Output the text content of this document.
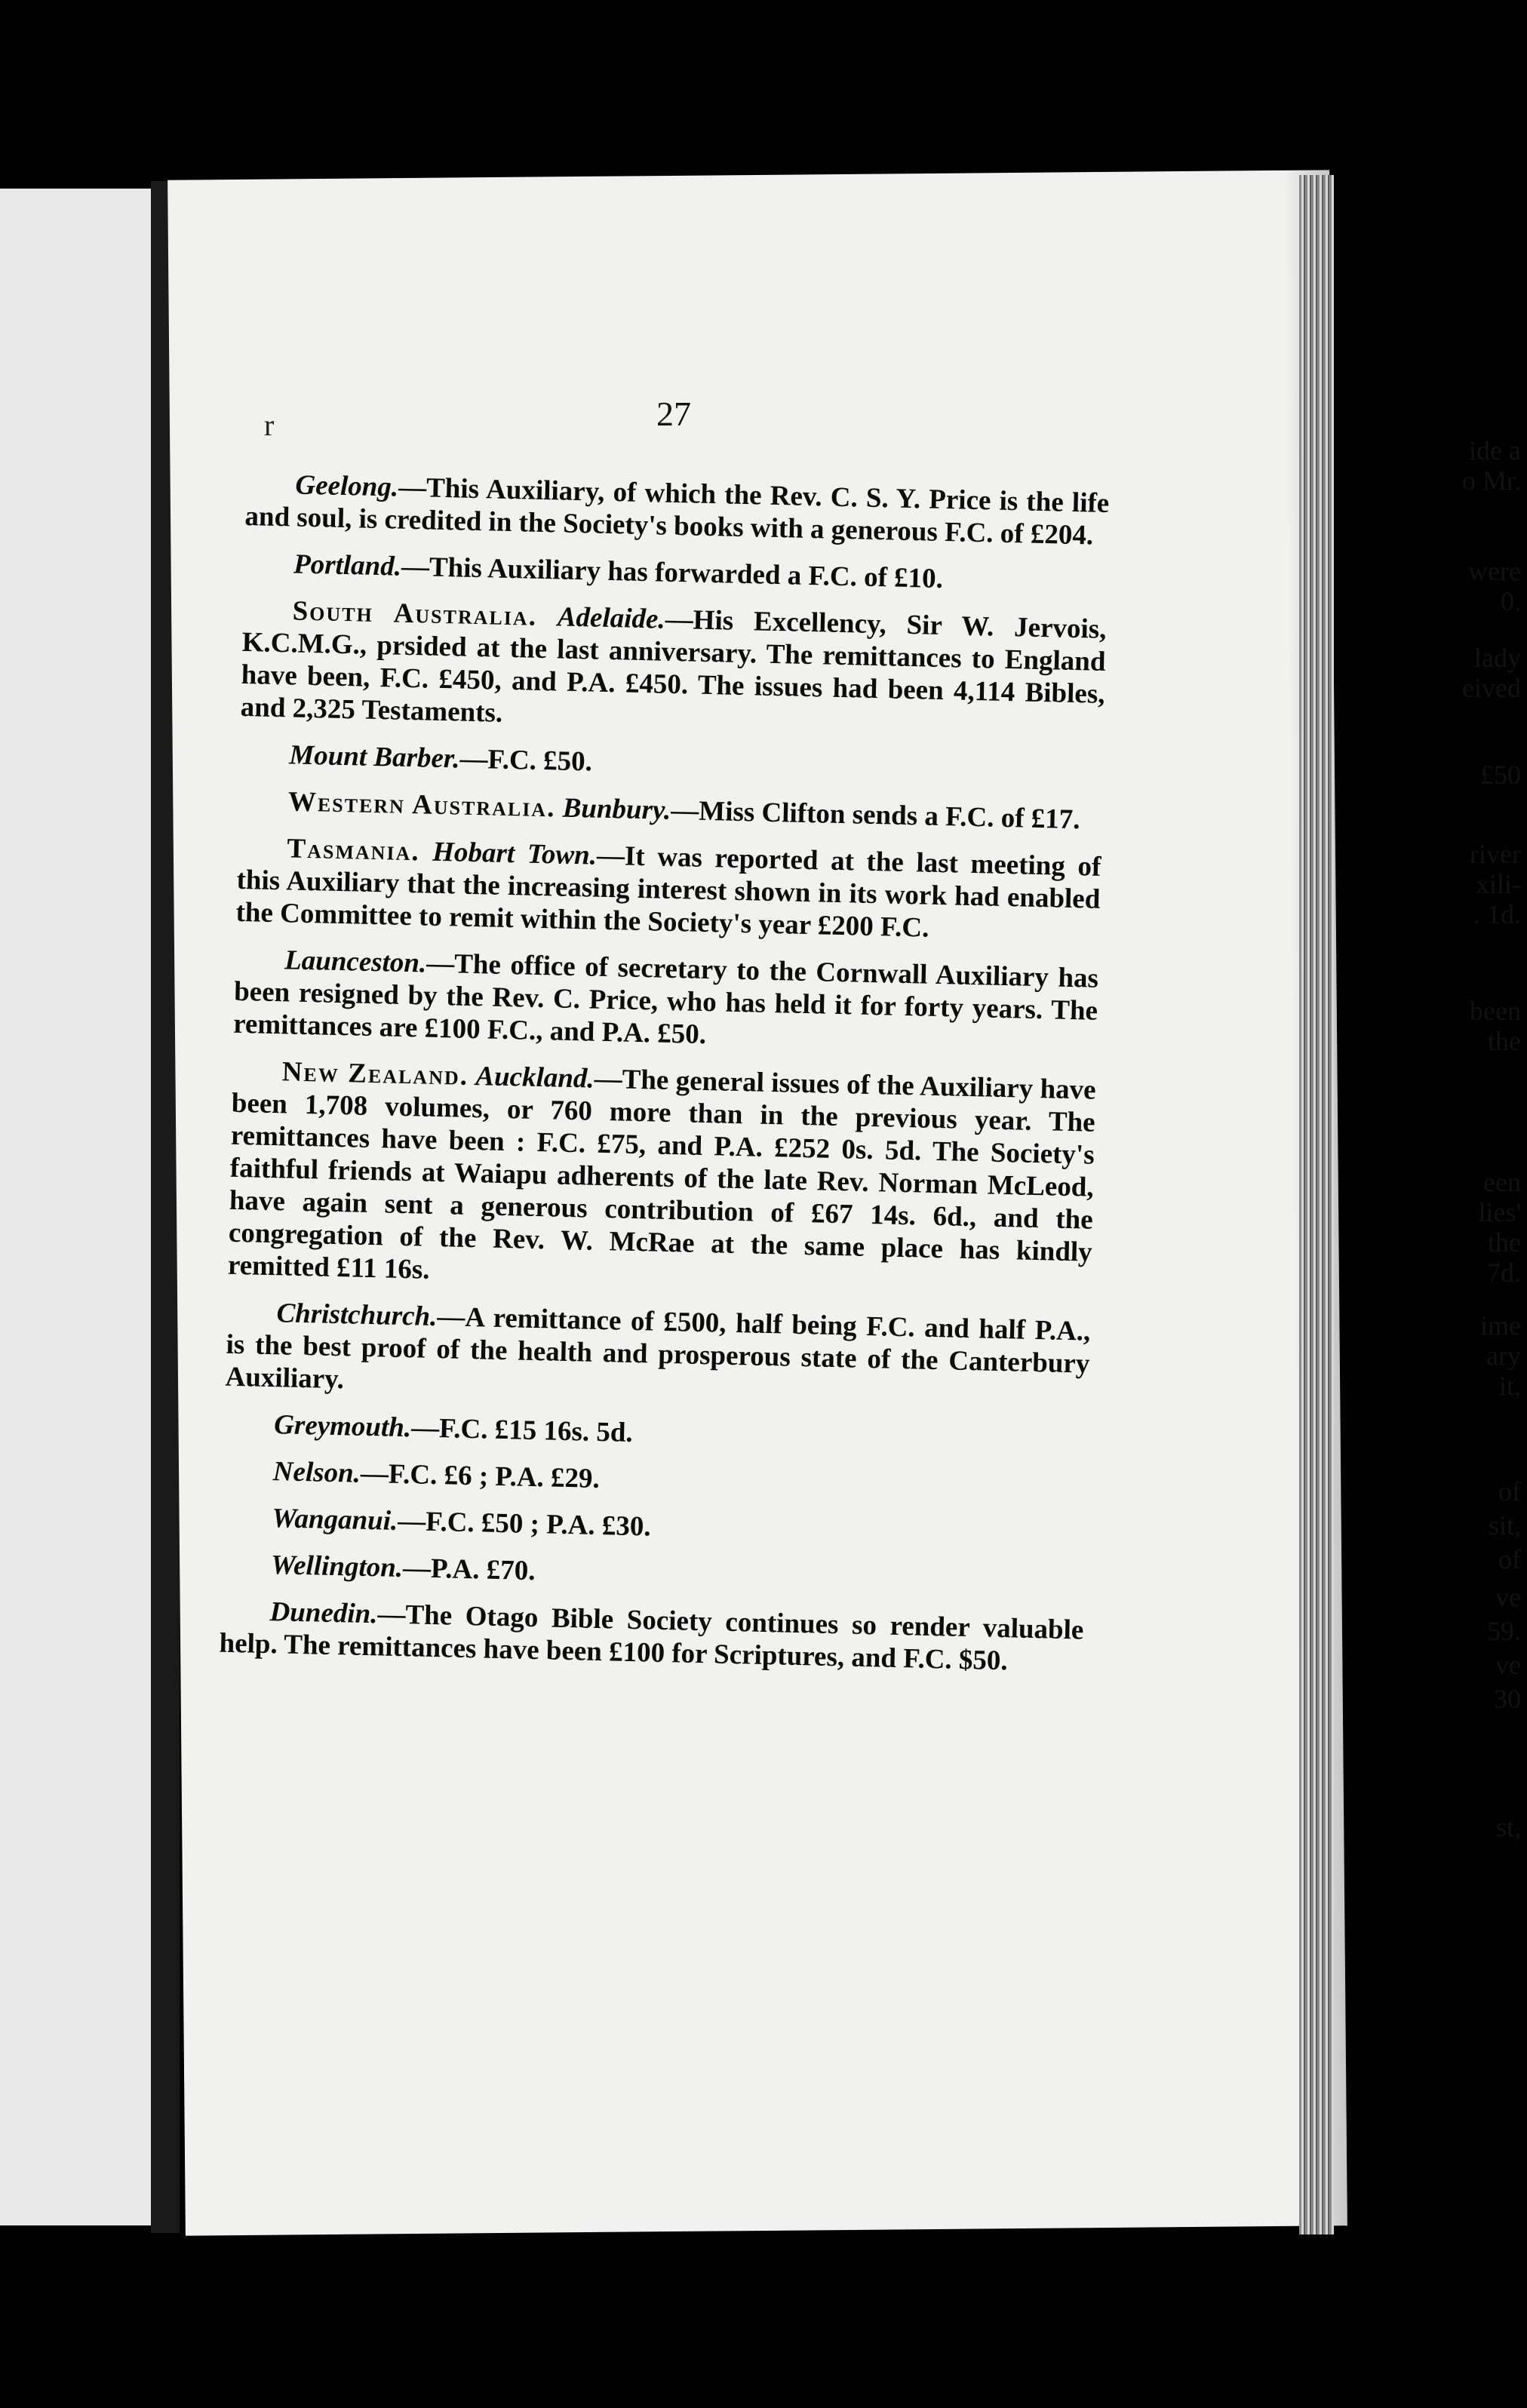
ide a
o Mr.
were
0.
lady
eived
£50
river
xili-
. 1d.
been
the
een
lies'
the
7d.
ime
ary
it,
of
sit,
of
ve
59.
ve
30
st,
r	27

Geelong.—This Auxiliary, of which the Rev. C. S. Y. Price is the life and soul, is credited in the Society's books with a generous F.C. of £204.

Portland.—This Auxiliary has forwarded a F.C. of £10.

South Australia. Adelaide.—His Excellency, Sir W. Jervois, K.C.M.G., prsided at the last anniversary. The remittances to England have been, F.C. £450, and P.A. £450. The issues had been 4,114 Bibles, and 2,325 Testaments.

Mount Barber.—F.C. £50.

Western Australia. Bunbury.—Miss Clifton sends a F.C. of £17.

Tasmania. Hobart Town.—It was reported at the last meeting of this Auxiliary that the increasing interest shown in its work had enabled the Committee to remit within the Society's year £200 F.C.

Launceston.—The office of secretary to the Cornwall Auxiliary has been resigned by the Rev. C. Price, who has held it for forty years. The remittances are £100 F.C., and P.A. £50.

New Zealand. Auckland.—The general issues of the Auxiliary have been 1,708 volumes, or 760 more than in the previous year. The remittances have been : F.C. £75, and P.A. £252 0s. 5d. The Society's faithful friends at Waiapu adherents of the late Rev. Norman McLeod, have again sent a generous contribution of £67 14s. 6d., and the congregation of the Rev. W. McRae at the same place has kindly remitted £11 16s.

Christchurch.—A remittance of £500, half being F.C. and half P.A., is the best proof of the health and prosperous state of the Canterbury Auxiliary.

Greymouth.—F.C. £15 16s. 5d.

Nelson.—F.C. £6 ; P.A. £29.

Wanganui.—F.C. £50 ; P.A. £30.

Wellington.—P.A. £70.

Dunedin.—The Otago Bible Society continues so render valuable help. The remittances have been £100 for Scriptures, and F.C. $50.
